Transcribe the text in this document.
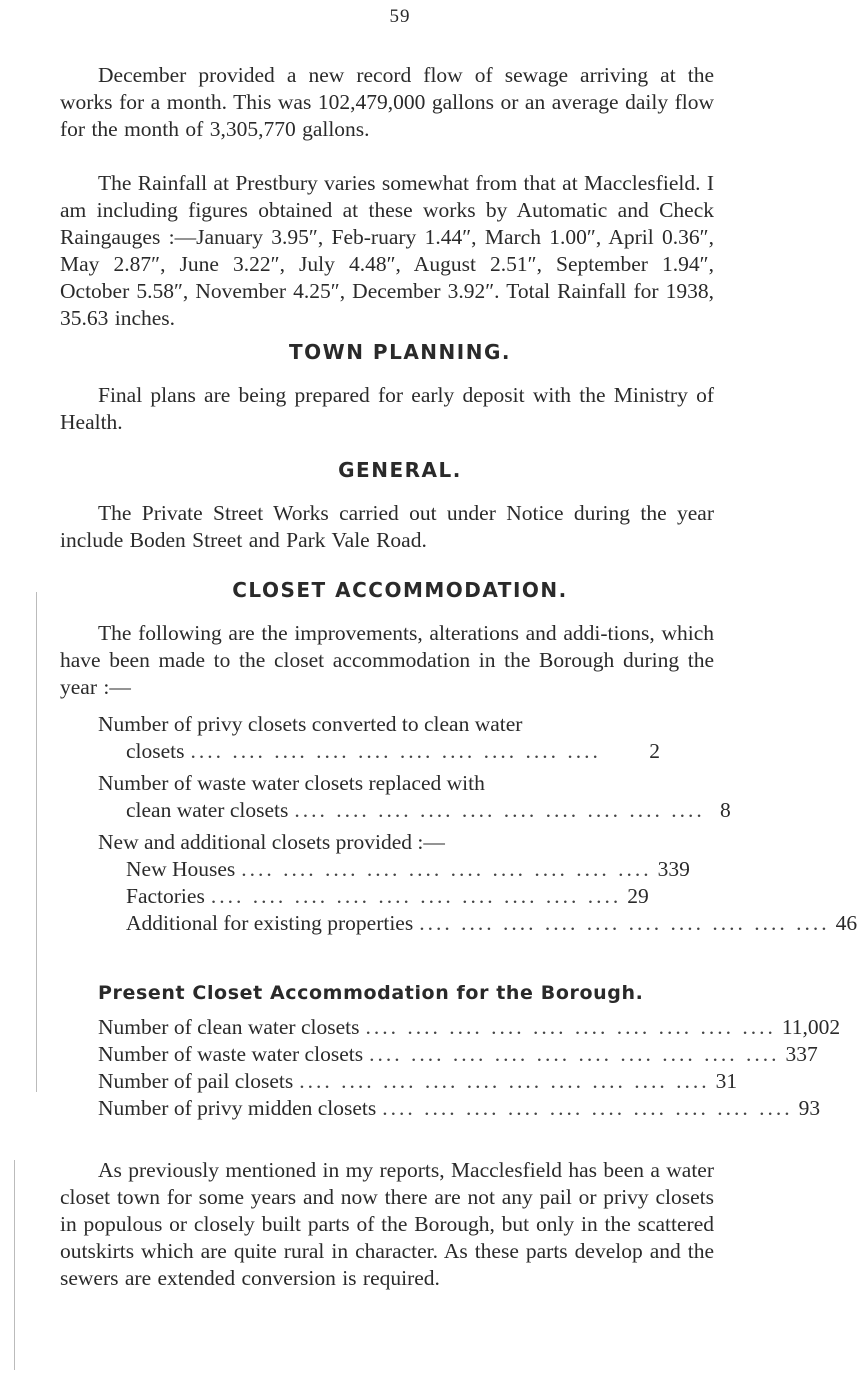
59
December provided a new record flow of sewage arriving at the works for a month. This was 102,479,000 gallons or an average daily flow for the month of 3,305,770 gallons.
The Rainfall at Prestbury varies somewhat from that at Macclesfield. I am including figures obtained at these works by Automatic and Check Raingauges :—January 3.95″, Feb-ruary 1.44″, March 1.00″, April 0.36″, May 2.87″, June 3.22″, July 4.48″, August 2.51″, September 1.94″, October 5.58″, November 4.25″, December 3.92″. Total Rainfall for 1938, 35.63 inches.
TOWN PLANNING.
Final plans are being prepared for early deposit with the Ministry of Health.
GENERAL.
The Private Street Works carried out under Notice during the year include Boden Street and Park Vale Road.
CLOSET ACCOMMODATION.
The following are the improvements, alterations and addi-tions, which have been made to the closet accommodation in the Borough during the year :—
Number of privy closets converted to clean water
closets .... .... .... .... .... .... .... .... .... ....	2
Number of waste water closets replaced with
clean water closets .... .... .... .... .... .... .... .... .... .... 8
New and additional closets provided :—
New Houses .... .... .... .... .... .... .... .... .... .... 339
Factories .... .... .... .... .... .... .... .... .... .... 29
Additional for existing properties .... .... .... .... .... .... .... .... .... .... 46
Present Closet Accommodation for the Borough.
Number of clean water closets .... .... .... .... .... .... .... .... .... .... 11,002
Number of waste water closets .... .... .... .... .... .... .... .... .... .... 337
Number of pail closets .... .... .... .... .... .... .... .... .... .... 31
Number of privy midden closets .... .... .... .... .... .... .... .... .... .... 93
As previously mentioned in my reports, Macclesfield has been a water closet town for some years and now there are not any pail or privy closets in populous or closely built parts of the Borough, but only in the scattered outskirts which are quite rural in character. As these parts develop and the sewers are extended conversion is required.
